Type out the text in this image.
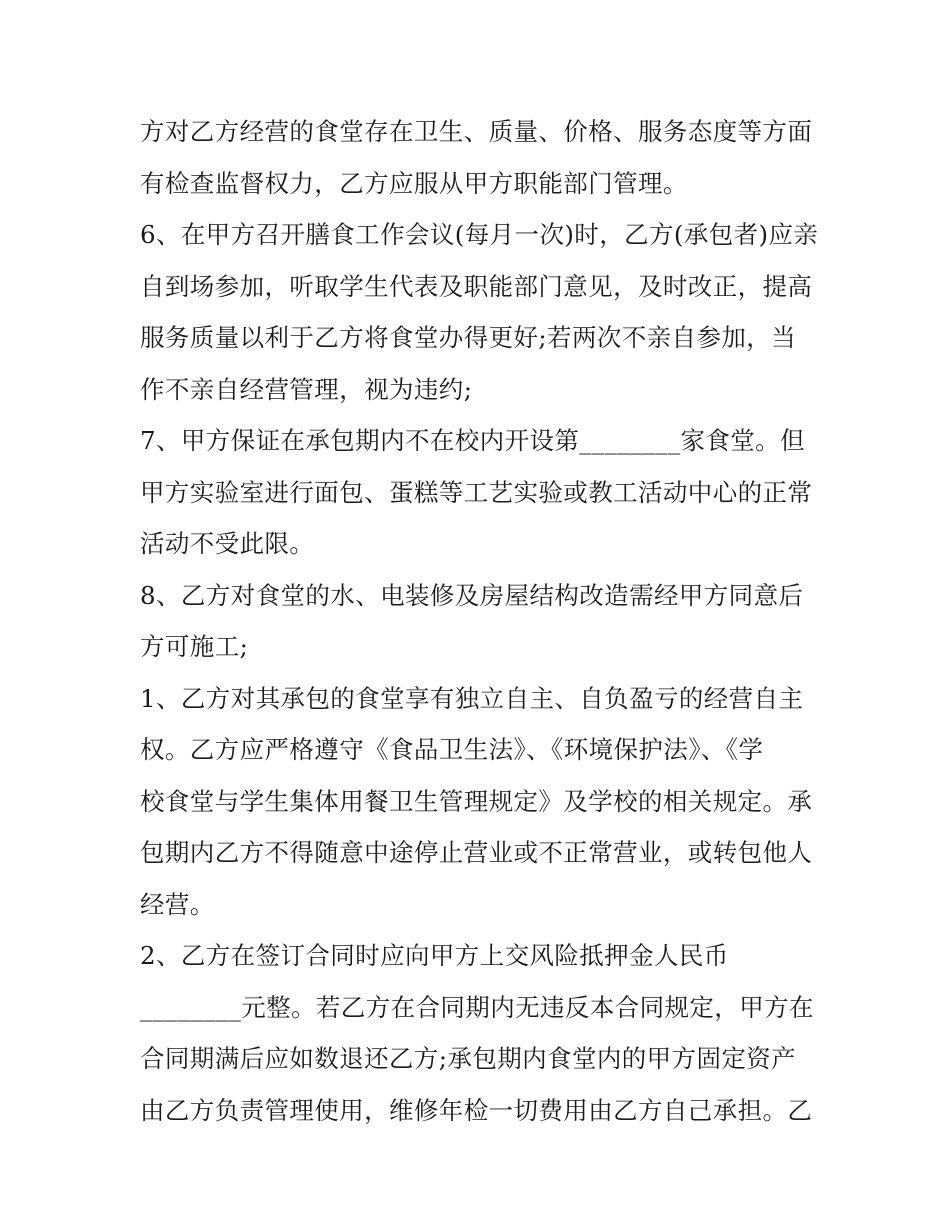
方对乙方经营的食堂存在卫生、质量、价格、服务态度等方面
有检查监督权力，乙方应服从甲方职能部门管理。
6、在甲方召开膳食工作会议(每月一次)时，乙方(承包者)应亲
自到场参加，听取学生代表及职能部门意见，及时改正，提高
服务质量以利于乙方将食堂办得更好;若两次不亲自参加，当
作不亲自经营管理，视为违约;
7、甲方保证在承包期内不在校内开设第________家食堂。但
甲方实验室进行面包、蛋糕等工艺实验或教工活动中心的正常
活动不受此限。
8、乙方对食堂的水、电装修及房屋结构改造需经甲方同意后
方可施工;
1、乙方对其承包的食堂享有独立自主、自负盈亏的经营自主
权。乙方应严格遵守《食品卫生法》、《环境保护法》、《学
校食堂与学生集体用餐卫生管理规定》及学校的相关规定。承
包期内乙方不得随意中途停止营业或不正常营业，或转包他人
经营。
2、乙方在签订合同时应向甲方上交风险抵押金人民币
________元整。若乙方在合同期内无违反本合同规定，甲方在
合同期满后应如数退还乙方;承包期内食堂内的甲方固定资产
由乙方负责管理使用，维修年检一切费用由乙方自己承担。乙
